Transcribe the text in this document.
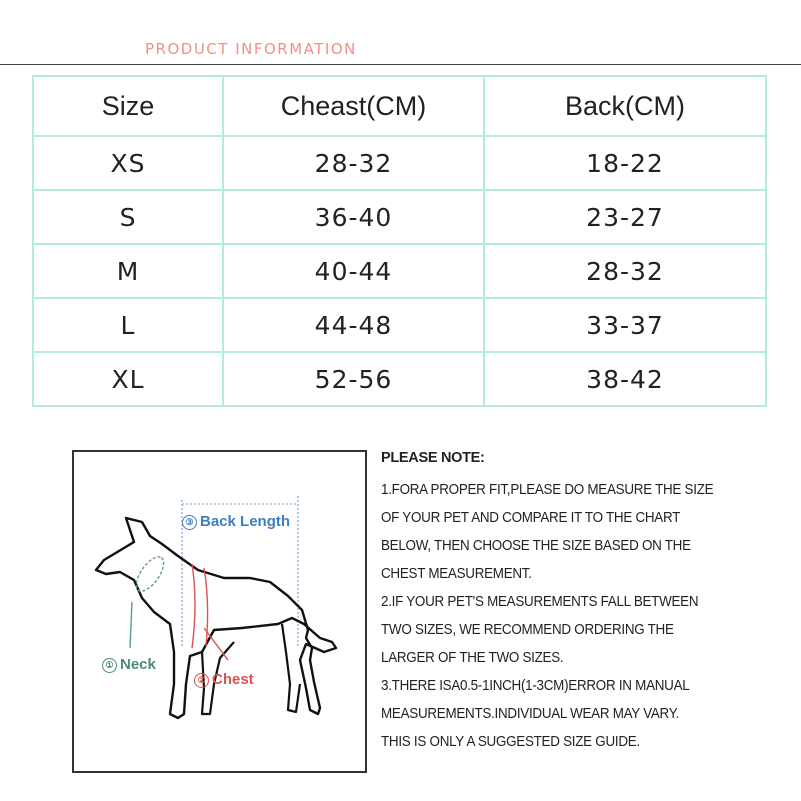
PRODUCT INFORMATION
Size	Cheast(CM)	Back(CM)
XS	28-32	18-22
S	36-40	23-27
M	40-44	28-32
L	44-48	33-37
XL	52-56	38-42
③ Back Length
① Neck
② Chest
PLEASE NOTE:
1.FORA PROPER FIT,PLEASE DO MEASURE THE SIZE
OF YOUR PET AND COMPARE IT TO THE CHART
BELOW, THEN CHOOSE THE SIZE BASED ON THE
CHEST MEASUREMENT.
2.IF YOUR PET'S MEASUREMENTS FALL BETWEEN
TWO SIZES, WE RECOMMEND ORDERING THE
LARGER OF THE TWO SIZES.
3.THERE ISA0.5-1INCH(1-3CM)ERROR IN MANUAL
MEASUREMENTS.INDIVIDUAL WEAR MAY VARY.
THIS IS ONLY A SUGGESTED SIZE GUIDE.
